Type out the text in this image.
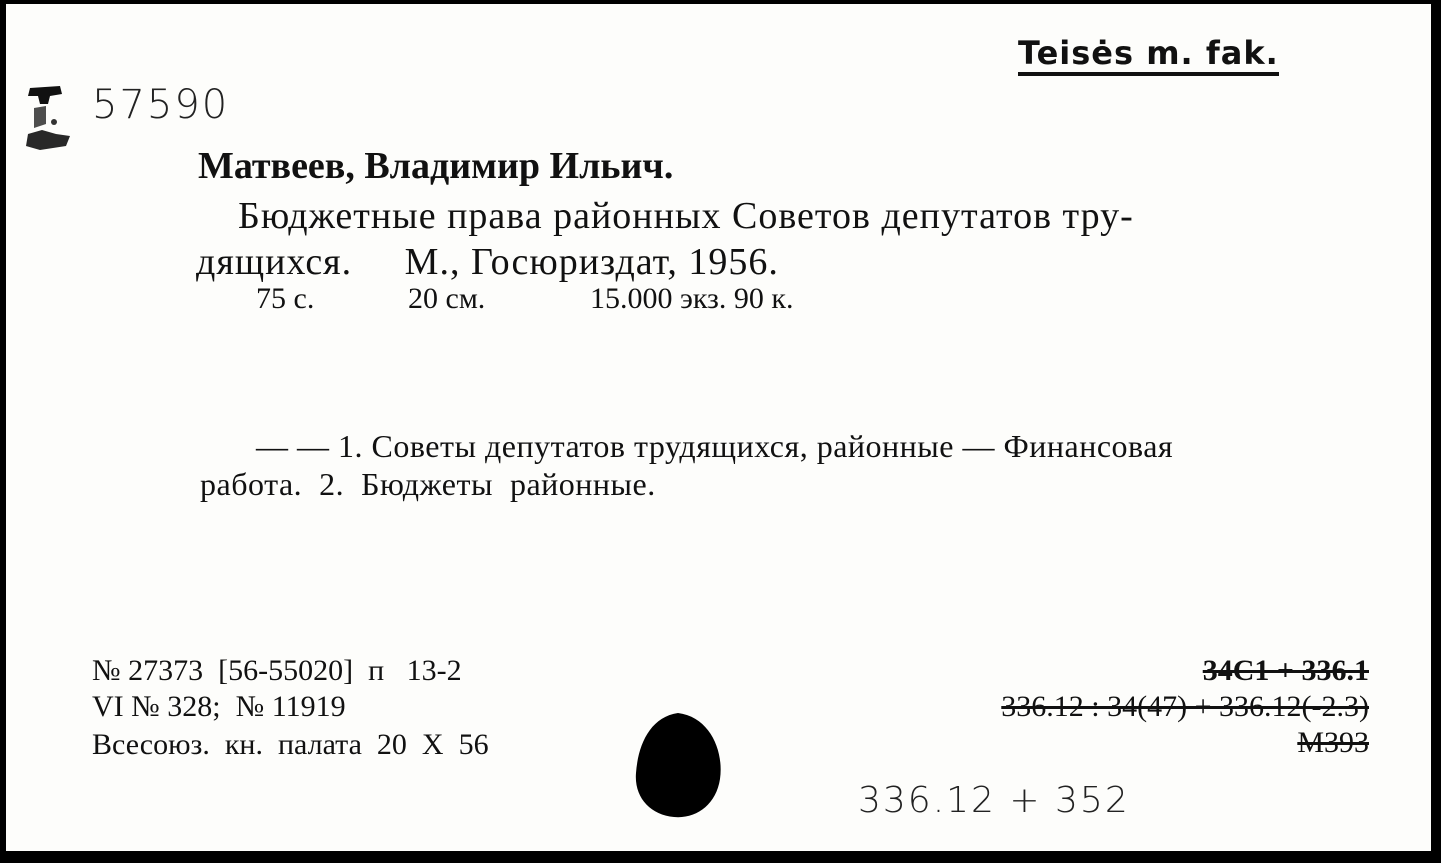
Teisės m. fak.
57590
Матвеев, Владимир Ильич.
Бюджетные права районных Советов депутатов тру-
дящихся.     М., Госюриздат, 1956.
75 с.	20 см.	15.000 экз. 90 к.
— — 1. Советы депутатов трудящихся, районные — Финансовая
работа.  2.  Бюджеты  районные.
№ 27373  [56-55020]  п   13-2
VI № 328;  № 11919
Всесоюз.  кн.  палата  20  X  56
34С1 + 336.1
336.12 : 34(47) + 336.12(-2.3)
М393
336.12 + 352
